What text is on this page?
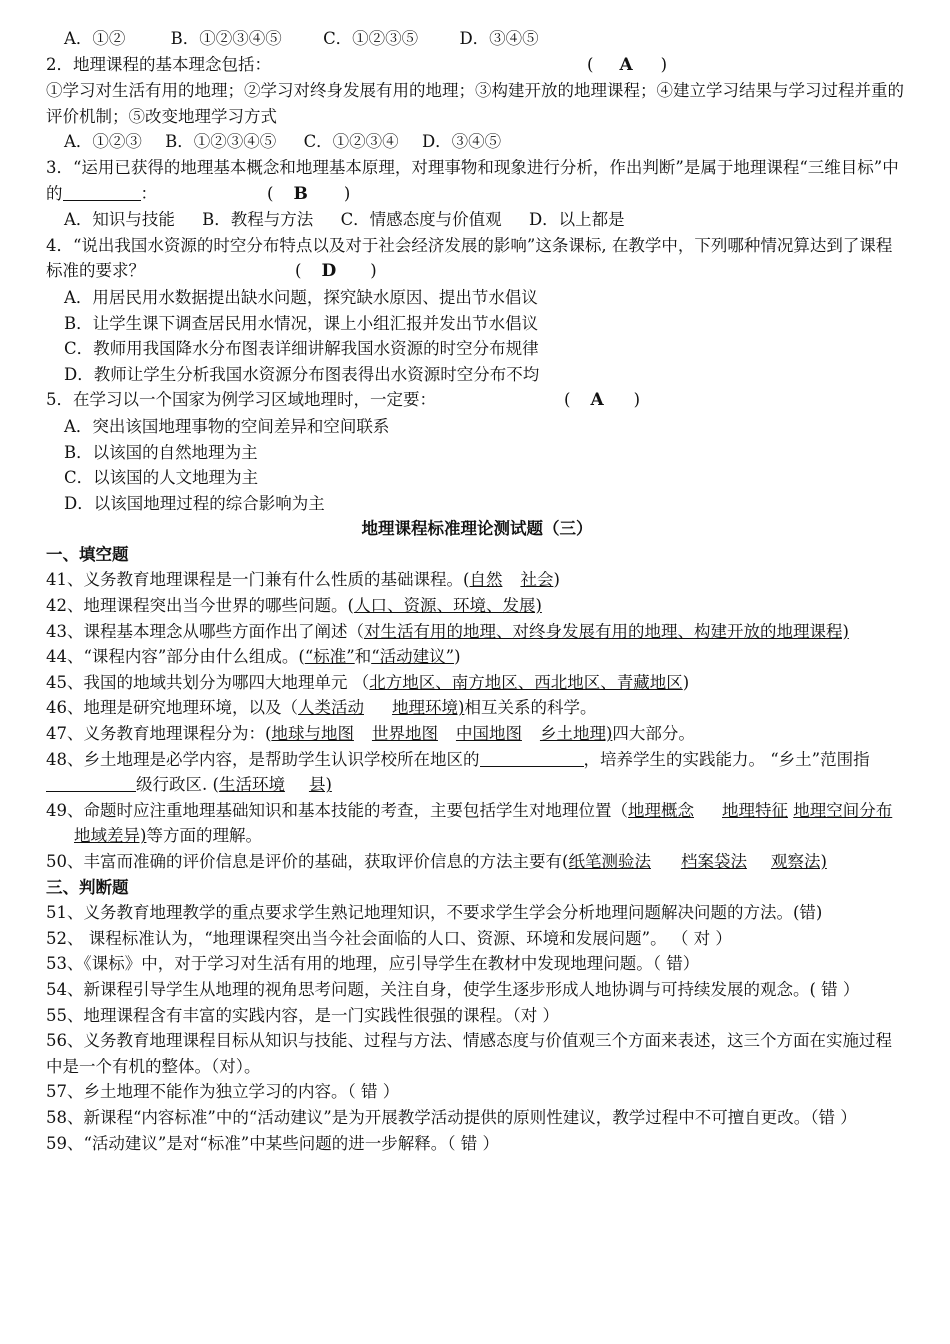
A．①②	B．①②③④⑤	C．①②③⑤	D．③④⑤
2．地理课程的基本理念包括：	( A )
①学习对生活有用的地理；②学习对终身发展有用的地理；③构建开放的地理课程；④建立学习结果与学习过程并重的评价机制；⑤改变地理学习方式
A．①②③ B．①②③④⑤ C．①②③④ D．③④⑤
3．“运用已获得的地理基本概念和地理基本原理，对理事物和现象进行分析，作出判断”是属于地理课程“三维目标”中的	：	( B )
A．知识与技能 B．教程与方法 C．情感态度与价值观 D．以上都是
4．“说出我国水资源的时空分布特点以及对于社会经济发展的影响”这条课标, 在教学中，下列哪种情况算达到了课程标准的要求？	( D )
A．用居民用水数据提出缺水问题，探究缺水原因、提出节水倡议
B．让学生课下调查居民用水情况，课上小组汇报并发出节水倡议
C．教师用我国降水分布图表详细讲解我国水资源的时空分布规律
D．教师让学生分析我国水资源分布图表得出水资源时空分布不均
5．在学习以一个国家为例学习区域地理时，一定要：	( A )
A．突出该国地理事物的空间差异和空间联系
B．以该国的自然地理为主
C．以该国的人文地理为主
D．以该国地理过程的综合影响为主
地理课程标准理论测试题（三）
一、填空题
41、义务教育地理课程是一门兼有什么性质的基础课程。(自然 社会)
42、地理课程突出当今世界的哪些问题。(人口、资源、环境、发展)
43、课程基本理念从哪些方面作出了阐述（对生活有用的地理、对终身发展有用的地理、构建开放的地理课程)
44、“课程内容”部分由什么组成。(“标准”和“活动建议”)
45、我国的地域共划分为哪四大地理单元 （北方地区、南方地区、西北地区、青藏地区)
46、地理是研究地理环境，以及（人类活动 地理环境)相互关系的科学。
47、义务教育地理课程分为：(地球与地图 世界地图 中国地图 乡土地理)四大部分。
48、乡土地理是必学内容，是帮助学生认识学校所在地区的	，培养学生的实践能力。 “乡土”范围指级行政区. (生活环境 县)
49、命题时应注重地理基础知识和基本技能的考查，主要包括学生对地理位置（地理概念 地理特征 地理空间分布地域差异)等方面的理解。
50、丰富而准确的评价信息是评价的基础，获取评价信息的方法主要有(纸笔测验法 档案袋法 观察法)
三、判断题
51、义务教育地理教学的重点要求学生熟记地理知识，不要求学生学会分析地理问题解决问题的方法。(错)
52、 课程标准认为，“地理课程突出当今社会面临的人口、资源、环境和发展问题”。 （ 对 ）
53、《课标》中，对于学习对生活有用的地理，应引导学生在教材中发现地理问题。（ 错）
54、新课程引导学生从地理的视角思考问题，关注自身，使学生逐步形成人地协调与可持续发展的观念。( 错 ）
55、地理课程含有丰富的实践内容，是一门实践性很强的课程。（对 ）
56、义务教育地理课程目标从知识与技能、过程与方法、情感态度与价值观三个方面来表述，这三个方面在实施过程中是一个有机的整体。（对）。
57、乡土地理不能作为独立学习的内容。（ 错 ）
58、新课程“内容标准”中的“活动建议”是为开展教学活动提供的原则性建议，教学过程中不可擅自更改。（错 ）
59、“活动建议”是对“标准”中某些问题的进一步解释。（ 错 ）
